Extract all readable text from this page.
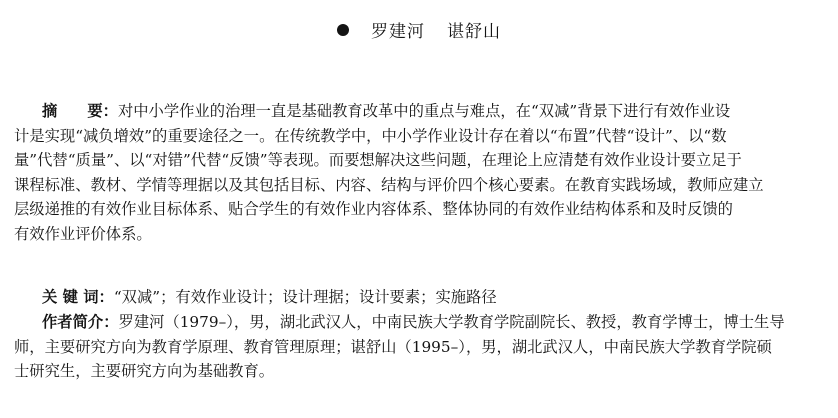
罗建河 谌舒山
摘 要：对中小学作业的治理一直是基础教育改革中的重点与难点，在“双减”背景下进行有效作业设
计是实现“减负增效”的重要途径之一。在传统教学中，中小学作业设计存在着以“布置”代替“设计”、以“数
量”代替“质量”、以“对错”代替“反馈”等表现。而要想解决这些问题，在理论上应清楚有效作业设计要立足于
课程标准、教材、学情等理据以及其包括目标、内容、结构与评价四个核心要素。在教育实践场域，教师应建立
层级递推的有效作业目标体系、贴合学生的有效作业内容体系、整体协同的有效作业结构体系和及时反馈的
有效作业评价体系。
关 键 词：“双减”；有效作业设计；设计理据；设计要素；实施路径
作者简介：罗建河（1979–），男，湖北武汉人，中南民族大学教育学院副院长、教授，教育学博士，博士生导
师，主要研究方向为教育学原理、教育管理原理；谌舒山（1995–），男，湖北武汉人，中南民族大学教育学院硕
士研究生，主要研究方向为基础教育。
